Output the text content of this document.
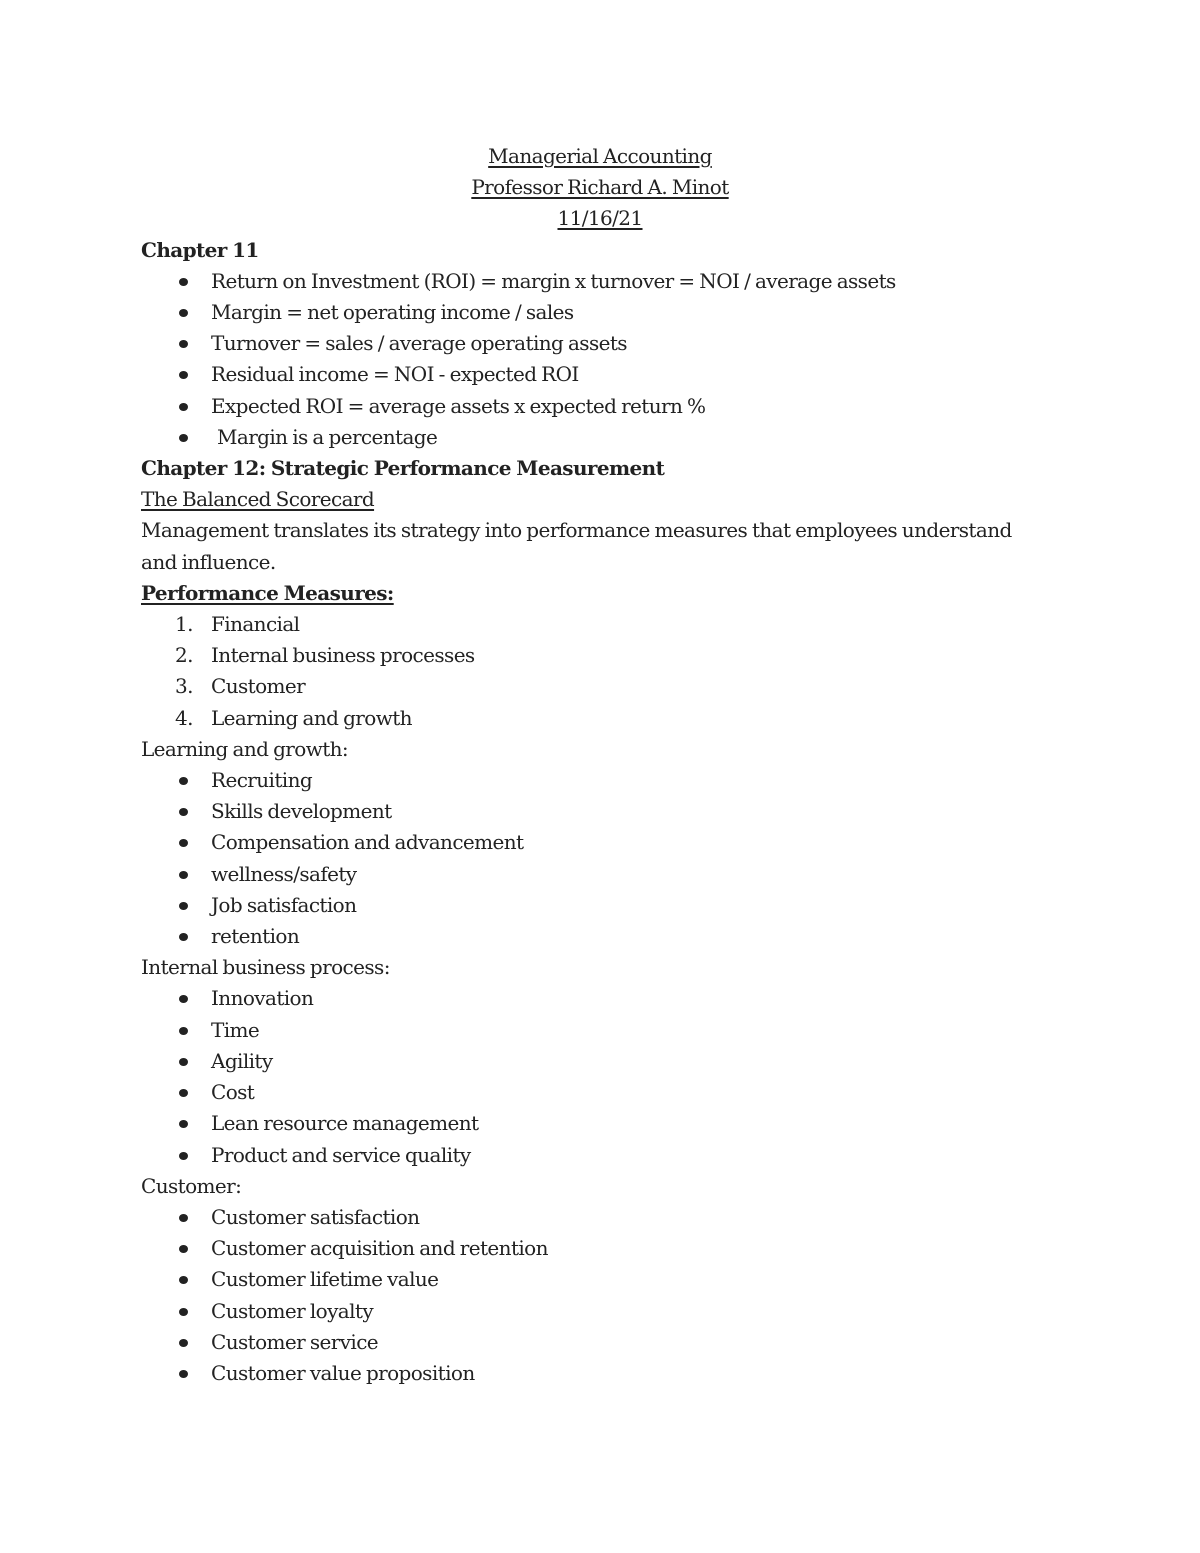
Managerial Accounting
Professor Richard A. Minot
11/16/21
Chapter 11
Return on Investment (ROI) = margin x turnover = NOI / average assets
Margin = net operating income / sales
Turnover = sales / average operating assets
Residual income = NOI - expected ROI
Expected ROI = average assets x expected return %
Margin is a percentage
Chapter 12: Strategic Performance Measurement
The Balanced Scorecard
Management translates its strategy into performance measures that employees understand and influence.
Performance Measures:
1. Financial
2. Internal business processes
3. Customer
4. Learning and growth
Learning and growth:
Recruiting
Skills development
Compensation and advancement
wellness/safety
Job satisfaction
retention
Internal business process:
Innovation
Time
Agility
Cost
Lean resource management
Product and service quality
Customer:
Customer satisfaction
Customer acquisition and retention
Customer lifetime value
Customer loyalty
Customer service
Customer value proposition
